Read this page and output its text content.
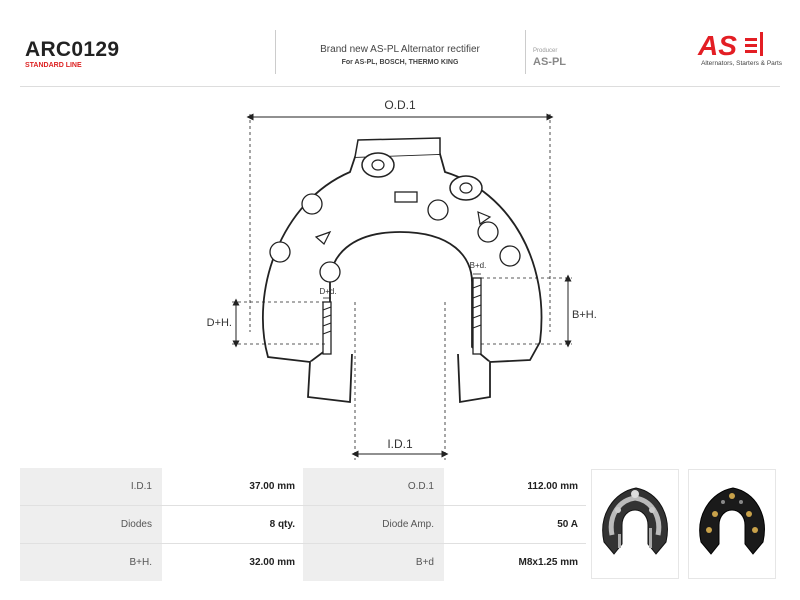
ARC0129
STANDARD LINE
Brand new AS-PL Alternator rectifier
For AS-PL, BOSCH, THERMO KING
Producer
AS-PL
AS
Alternators, Starters & Parts
O.D.1
I.D.1
D+H.
D+d.
B+d.
B+H.
I.D.1	37.00 mm	O.D.1	112.00 mm
Diodes	8 qty.	Diode Amp.	50 A
B+H.	32.00 mm	B+d	M8x1.25 mm
